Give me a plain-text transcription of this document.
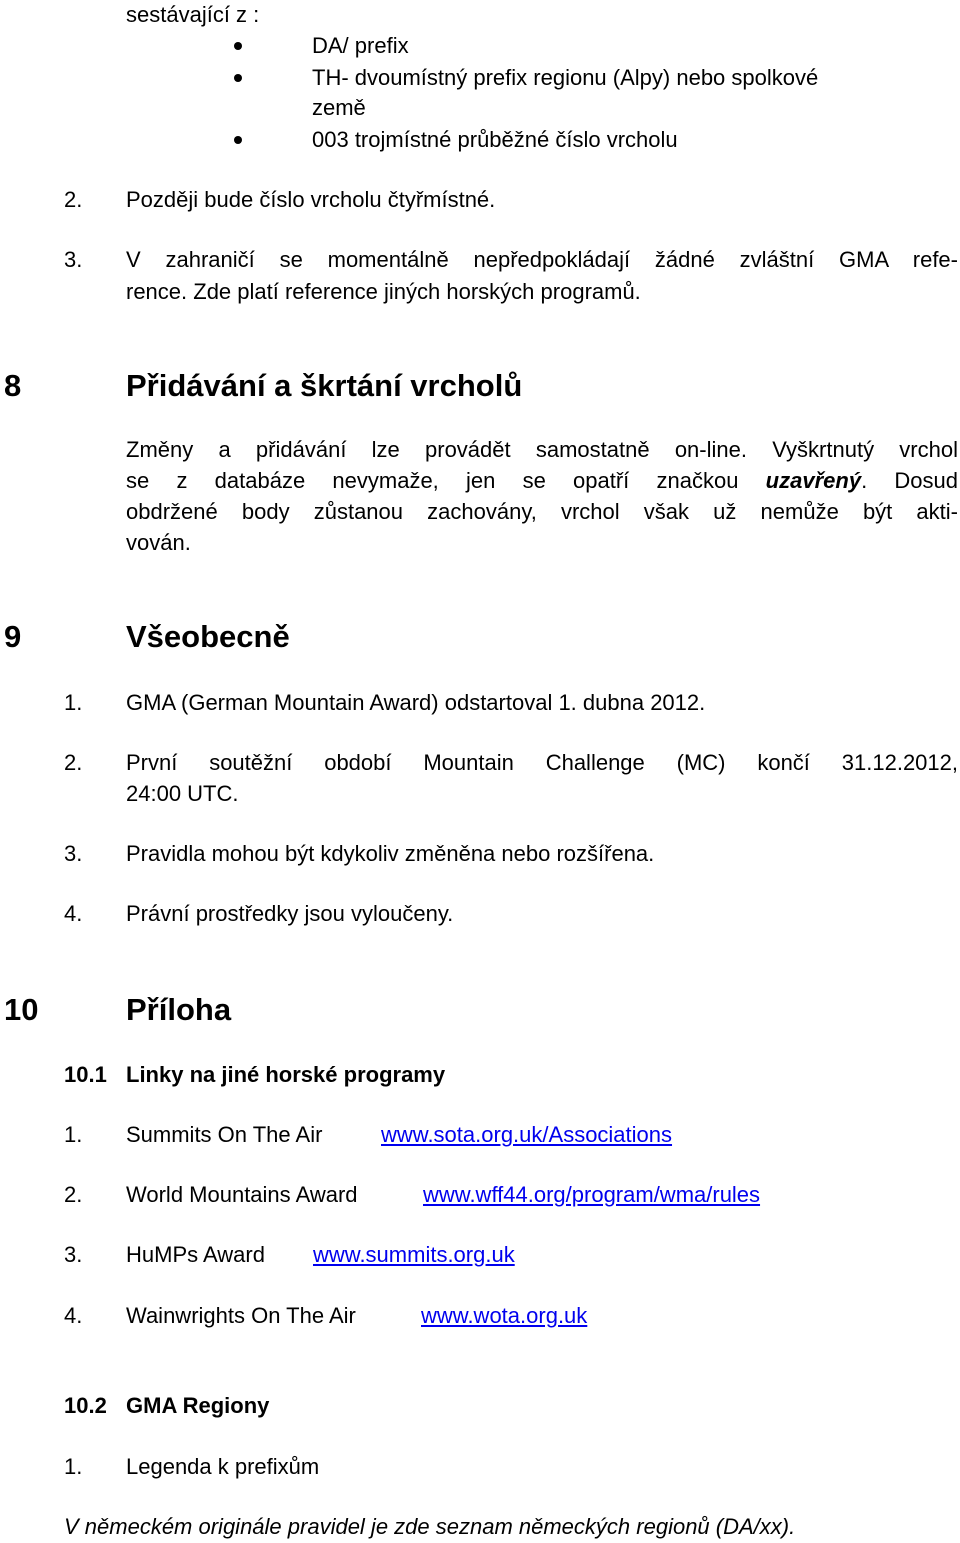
sestávající z :
DA/ prefix
TH- dvoumístný prefix regionu (Alpy) nebo spolkové
země
003 trojmístné průběžné číslo vrcholu
2. Později bude číslo vrcholu čtyřmístné.
3. V zahraničí se momentálně nepředpokládají žádné zvláštní GMA refe-
rence. Zde platí reference jiných horských programů.
8	Přidávání a škrtání vrcholů
Změny a přidávání lze provádět samostatně on-line. Vyškrtnutý vrchol
se z databáze nevymaže, jen se opatří značkou uzavřený. Dosud
obdržené body zůstanou zachovány, vrchol však už nemůže být akti-
vován.
9	Všeobecně
1. GMA (German Mountain Award) odstartoval 1. dubna 2012.
2. První soutěžní období Mountain Challenge (MC) končí 31.12.2012,
24:00 UTC.
3. Pravidla mohou být kdykoliv změněna nebo rozšířena.
4. Právní prostředky jsou vyloučeny.
10	Příloha
10.1 Linky na jiné horské programy
1. Summits On The Air	www.sota.org.uk/Associations
2. World Mountains Award	www.wff44.org/program/wma/rules
3. HuMPs Award www.summits.org.uk
4. Wainwrights On The Air	www.wota.org.uk
10.2 GMA Regiony
1. Legenda k prefixům
V německém originále pravidel je zde seznam německých regionů (DA/xx).
